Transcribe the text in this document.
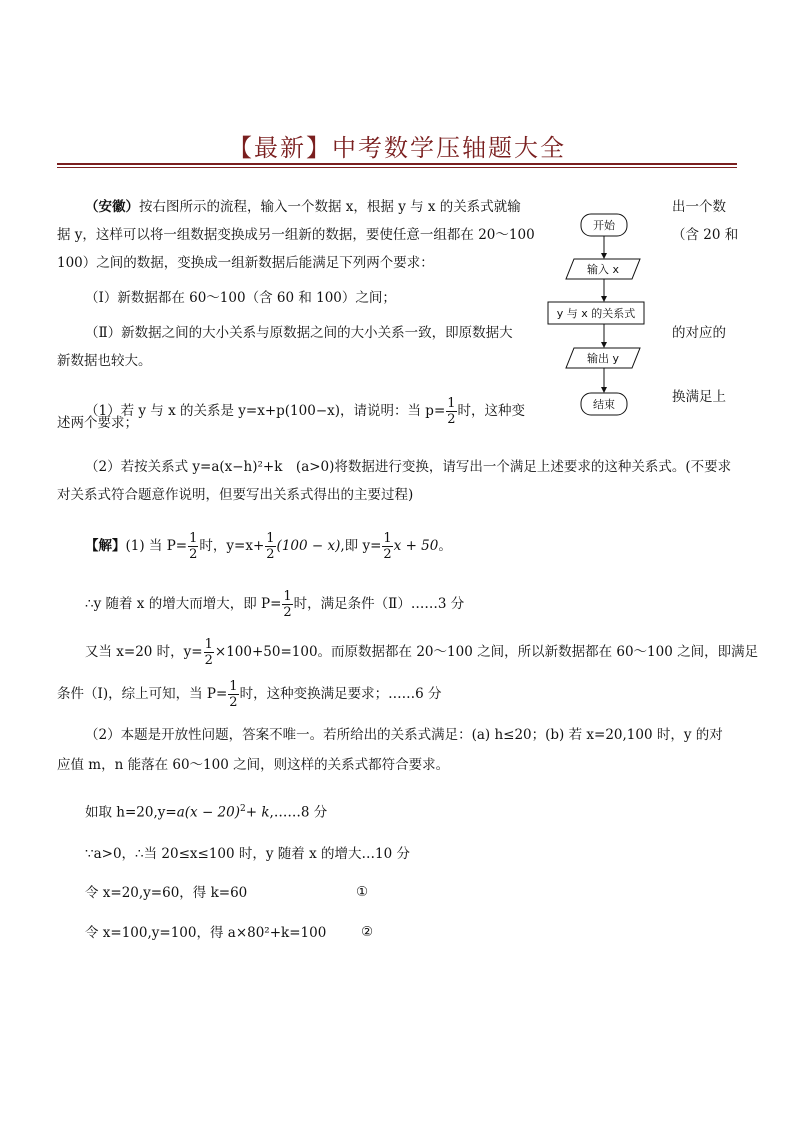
【最新】中考数学压轴题大全
（安徽）按右图所示的流程，输入一个数据 x，根据 y 与 x 的关系式就输	出一个数
据 y，这样可以将一组数据变换成另一组新的数据，要使任意一组都在 20～100	（含 20 和
100）之间的数据，变换成一组新数据后能满足下列两个要求：
（Ⅰ）新数据都在 60～100（含 60 和 100）之间；
（Ⅱ）新数据之间的大小关系与原数据之间的大小关系一致，即原数据大	的对应的
新数据也较大。
（1）若 y 与 x 的关系是 y=x+p(100−x)，请说明：当 $p= \frac{1}{2}$ 时，这种变
换满足上
述两个要求；
（2）若按关系式 y=a(x−h)²+k　(a>0)将数据进行变换，请写出一个满足上述要求的这种关系式。(不要求
对关系式符合题意作说明，但要写出关系式得出的主要过程)
开始
输入 x
y 与 x 的关系式
输出 y
结束
【解】(1) 当 $P= \frac{1}{2}$ 时，$y=x+ \frac{1}{2} (100 - x)$,即 $y= \frac{1}{2}$ x + 50。
∴y 随着 x 的增大而增大，即 $P= \frac{1}{2}$ 时，满足条件（Ⅱ）……3 分
又当 x=20 时，$y= \frac{1}{2} \times 100+50=100$。而原数据都在 20～100 之间，所以新数据都在 60～100 之间，即满足
条件（Ⅰ)，综上可知，当 $P= \frac{1}{2}$ 时，这种变换满足要求；……6 分
（2）本题是开放性问题，答案不唯一。若所给出的关系式满足：(a) h≤20；(b) 若 x=20,100 时，y 的对
应值 m，n 能落在 60～100 之间，则这样的关系式都符合要求。
如取 $h=20,y=a(x - 20)^2+$ k,……8 分
∵a>0，∴当 20≤x≤100 时，y 随着 x 的增大…10 分
令 x=20,y=60，得 k=60	①
令 x=100,y=100，得 a×80²+k=100	②
